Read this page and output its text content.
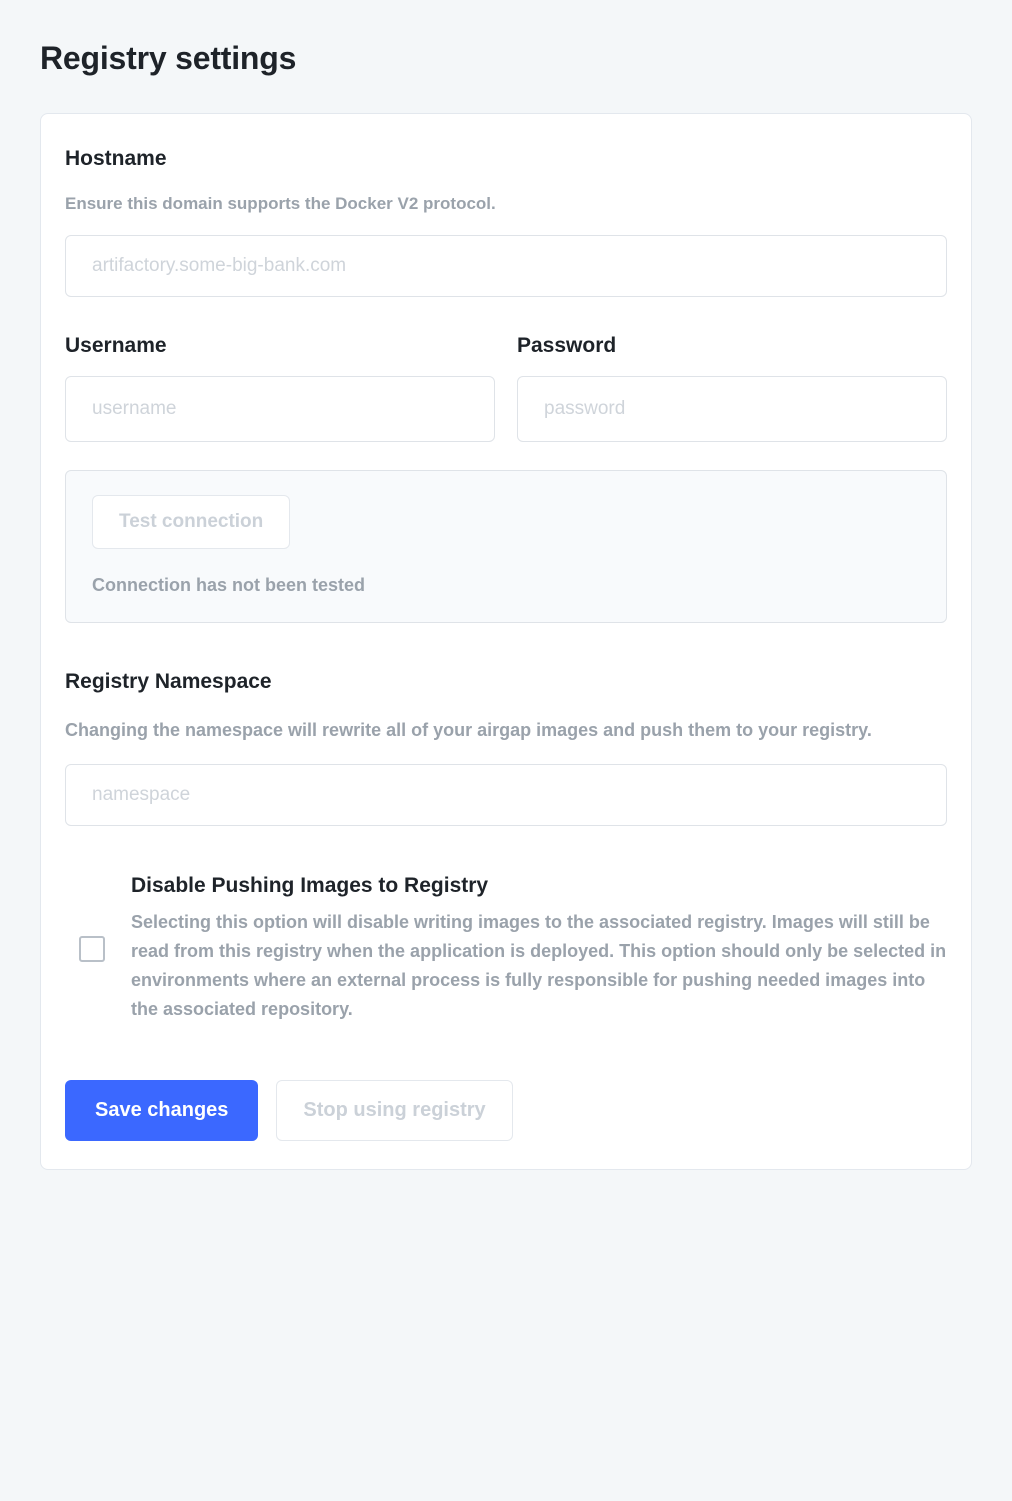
Registry settings
Hostname

Ensure this domain supports the Docker V2 protocol.

artifactory.some-big-bank.com
Username
username	Password
Test connection
Connection has not been tested
Registry Namespace

Changing the namespace will rewrite all of your airgap images and push them to your registry.

namespace
Disable Pushing Images to Registry

Selecting this option will disable writing images to the associated registry. Images will still be read from this registry when the application is deployed. This option should only be selected in environments where an external process is fully responsible for pushing needed images into the associated repository.

Save changes	Stop using registry
